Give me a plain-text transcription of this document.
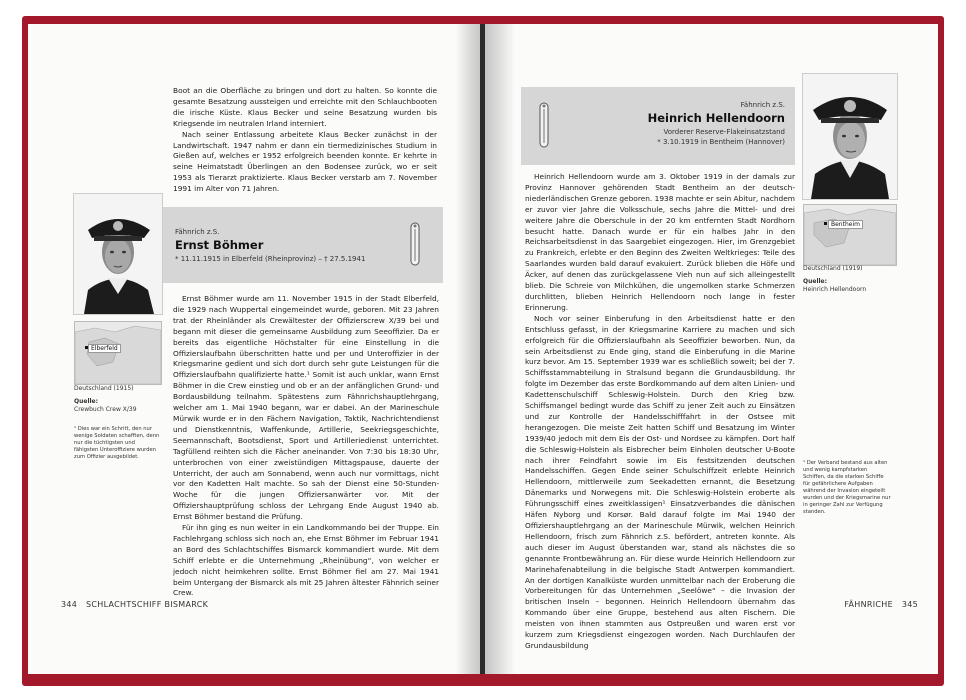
Boot an die Oberfläche zu bringen und dort zu halten. So konnte die gesamte Besatzung aussteigen und erreichte mit den Schlauchbooten die irische Küste. Klaus Becker und seine Besatzung wurden bis Kriegsende im neutralen Irland interniert.

Nach seiner Entlassung arbeitete Klaus Becker zunächst in der Landwirtschaft. 1947 nahm er dann ein tiermedizinisches Studium in Gießen auf, welches er 1952 erfolgreich beenden konnte. Er kehrte in seine Heimatstadt Überlingen an den Bodensee zurück, wo er seit 1953 als Tierarzt praktizierte. Klaus Becker verstarb am 7. November 1991 im Alter von 71 Jahren.

Fähnrich z.S.
Ernst Böhmer
* 11.11.1915 in Elberfeld (Rheinprovinz) – † 27.5.1941
Elberfeld
Deutschland (1915)
Quelle:
Crewbuch Crew X/39
¹ Dies war ein Schritt, den nur wenige Soldaten schafften, denn nur die tüchtigsten und fähigsten Unteroffiziere wurden zum Offizier ausgebildet.

Ernst Böhmer wurde am 11. November 1915 in der Stadt Elberfeld, die 1929 nach Wuppertal eingemeindet wurde, geboren. Mit 23 Jahren trat der Rheinländer als Crewältester der Offizierscrew X/39 bei und begann mit dieser die gemeinsame Ausbildung zum Seeoffizier. Da er bereits das eigentliche Höchstalter für eine Einstellung in die Offizierslaufbahn überschritten hatte und per und Unteroffizier in der Kriegsmarine gedient und sich dort durch sehr gute Leistungen für die Offizierslaufbahn qualifizierte hatte.¹ Somit ist auch unklar, wann Ernst Böhmer in die Crew einstieg und ob er an der anfänglichen Grund- und Bordausbildung teilnahm. Spätestens zum Fähnrichshauptlehrgang, welcher am 1. Mai 1940 begann, war er dabei. An der Marineschule Mürwik wurde er in den Fächern Navigation, Taktik, Nachrichtendienst und Dienstkenntnis, Waffenkunde, Artillerie, Seekriegsgeschichte, Seemannschaft, Bootsdienst, Sport und Artilleriedienst unterrichtet. Tagfüllend reihten sich die Fächer aneinander. Von 7:30 bis 18:30 Uhr, unterbrochen von einer zweistündigen Mittagspause, dauerte der Unterricht, der auch am Sonnabend, wenn auch nur vormittags, nicht vor den Kadetten Halt machte. So sah der Dienst eine 50-Stunden-Woche für die jungen Offiziersanwärter vor. Mit der Offiziershauptprüfung schloss der Lehrgang Ende August 1940 ab. Ernst Böhmer bestand die Prüfung.

Für ihn ging es nun weiter in ein Landkommando bei der Truppe. Ein Fachlehrgang schloss sich noch an, ehe Ernst Böhmer im Februar 1941 an Bord des Schlachtschiffes Bismarck kommandiert wurde. Mit dem Schiff erlebte er die Unternehmung „Rheinübung“, von welcher er jedoch nicht heimkehren sollte. Ernst Böhmer fiel am 27. Mai 1941 beim Untergang der Bismarck als mit 25 Jahren ältester Fähnrich seiner Crew.

344 SCHLACHTSCHIFF BISMARCK
Fähnrich z.S.
Heinrich Hellendoorn
Vorderer Reserve-Flakeinsatzstand
* 3.10.1919 in Bentheim (Hannover)
Bentheim
Deutschland (1919)
Quelle:
Heinrich Hellendoorn
¹ Der Verband bestand aus alten und wenig kampfstarken Schiffen, da die starken Schiffe für gefährlichere Aufgaben während der Invasion eingeteilt wurden und der Kriegsmarine nur in geringer Zahl zur Verfügung standen.

Heinrich Hellendoorn wurde am 3. Oktober 1919 in der damals zur Provinz Hannover gehörenden Stadt Bentheim an der deutsch-niederländischen Grenze geboren. 1938 machte er sein Abitur, nachdem er zuvor vier Jahre die Volksschule, sechs Jahre die Mittel- und drei weitere Jahre die Oberschule in der 20 km entfernten Stadt Nordhorn besucht hatte. Danach wurde er für ein halbes Jahr in den Reichsarbeitsdienst in das Saargebiet eingezogen. Hier, im Grenzgebiet zu Frankreich, erlebte er den Beginn des Zweiten Weltkrieges: Teile des Saarlandes wurden bald darauf evakuiert. Zurück blieben die Höfe und Äcker, auf denen das zurückgelassene Vieh nun auf sich alleingestellt blieb. Die Schreie von Milchkühen, die ungemolken starke Schmerzen durchlitten, blieben Heinrich Hellendoorn noch lange in fester Erinnerung.

Noch vor seiner Einberufung in den Arbeitsdienst hatte er den Entschluss gefasst, in der Kriegsmarine Karriere zu machen und sich erfolgreich für die Offizierslaufbahn als Seeoffizier beworben. Nun, da sein Arbeitsdienst zu Ende ging, stand die Einberufung in die Marine kurz bevor. Am 15. September 1939 war es schließlich soweit; bei der 7. Schiffsstammabteilung in Stralsund begann die Grundausbildung. Ihr folgte im Dezember das erste Bordkommando auf dem alten Linien- und Kadettenschulschiff Schleswig-Holstein. Durch den Krieg bzw. Schiffsmangel bedingt wurde das Schiff zu jener Zeit auch zu Einsätzen und zur Kontrolle der Handelsschifffahrt in der Ostsee mit herangezogen. Die meiste Zeit hatten Schiff und Besatzung im Winter 1939/40 jedoch mit dem Eis der Ost- und Nordsee zu kämpfen. Dort half die Schleswig-Holstein als Eisbrecher beim Einholen deutscher U-Boote nach ihrer Feindfahrt sowie im Eis festsitzenden deutschen Handelsschiffen. Gegen Ende seiner Schulschiffzeit erlebte Heinrich Hellendoorn, mittlerweile zum Seekadetten ernannt, die Besetzung Dänemarks und Norwegens mit. Die Schleswig-Holstein eroberte als Führungsschiff eines zweitklassigen¹ Einsatzverbandes die dänischen Häfen Nyborg und Korsør. Bald darauf folgte im Mai 1940 der Offiziershauptlehrgang an der Marineschule Mürwik, welchen Heinrich Hellendoorn, frisch zum Fähnrich z.S. befördert, antreten konnte. Als auch dieser im August überstanden war, stand als nächstes die so genannte Frontbewährung an. Für diese wurde Heinrich Hellendoorn zur Marinehafenabteilung in die belgische Stadt Antwerpen kommandiert. An der dortigen Kanalküste wurden unmittelbar nach der Eroberung die Vorbereitungen für das Unternehmen „Seelöwe“ – die Invasion der britischen Inseln – begonnen. Heinrich Hellendoorn übernahm das Kommando über eine Gruppe, bestehend aus alten Fischern. Die meisten von ihnen stammten aus Ostpreußen und waren erst vor kurzem zum Kriegsdienst eingezogen worden. Nach Durchlaufen der Grundausbildung

FÄHNRICHE 345
